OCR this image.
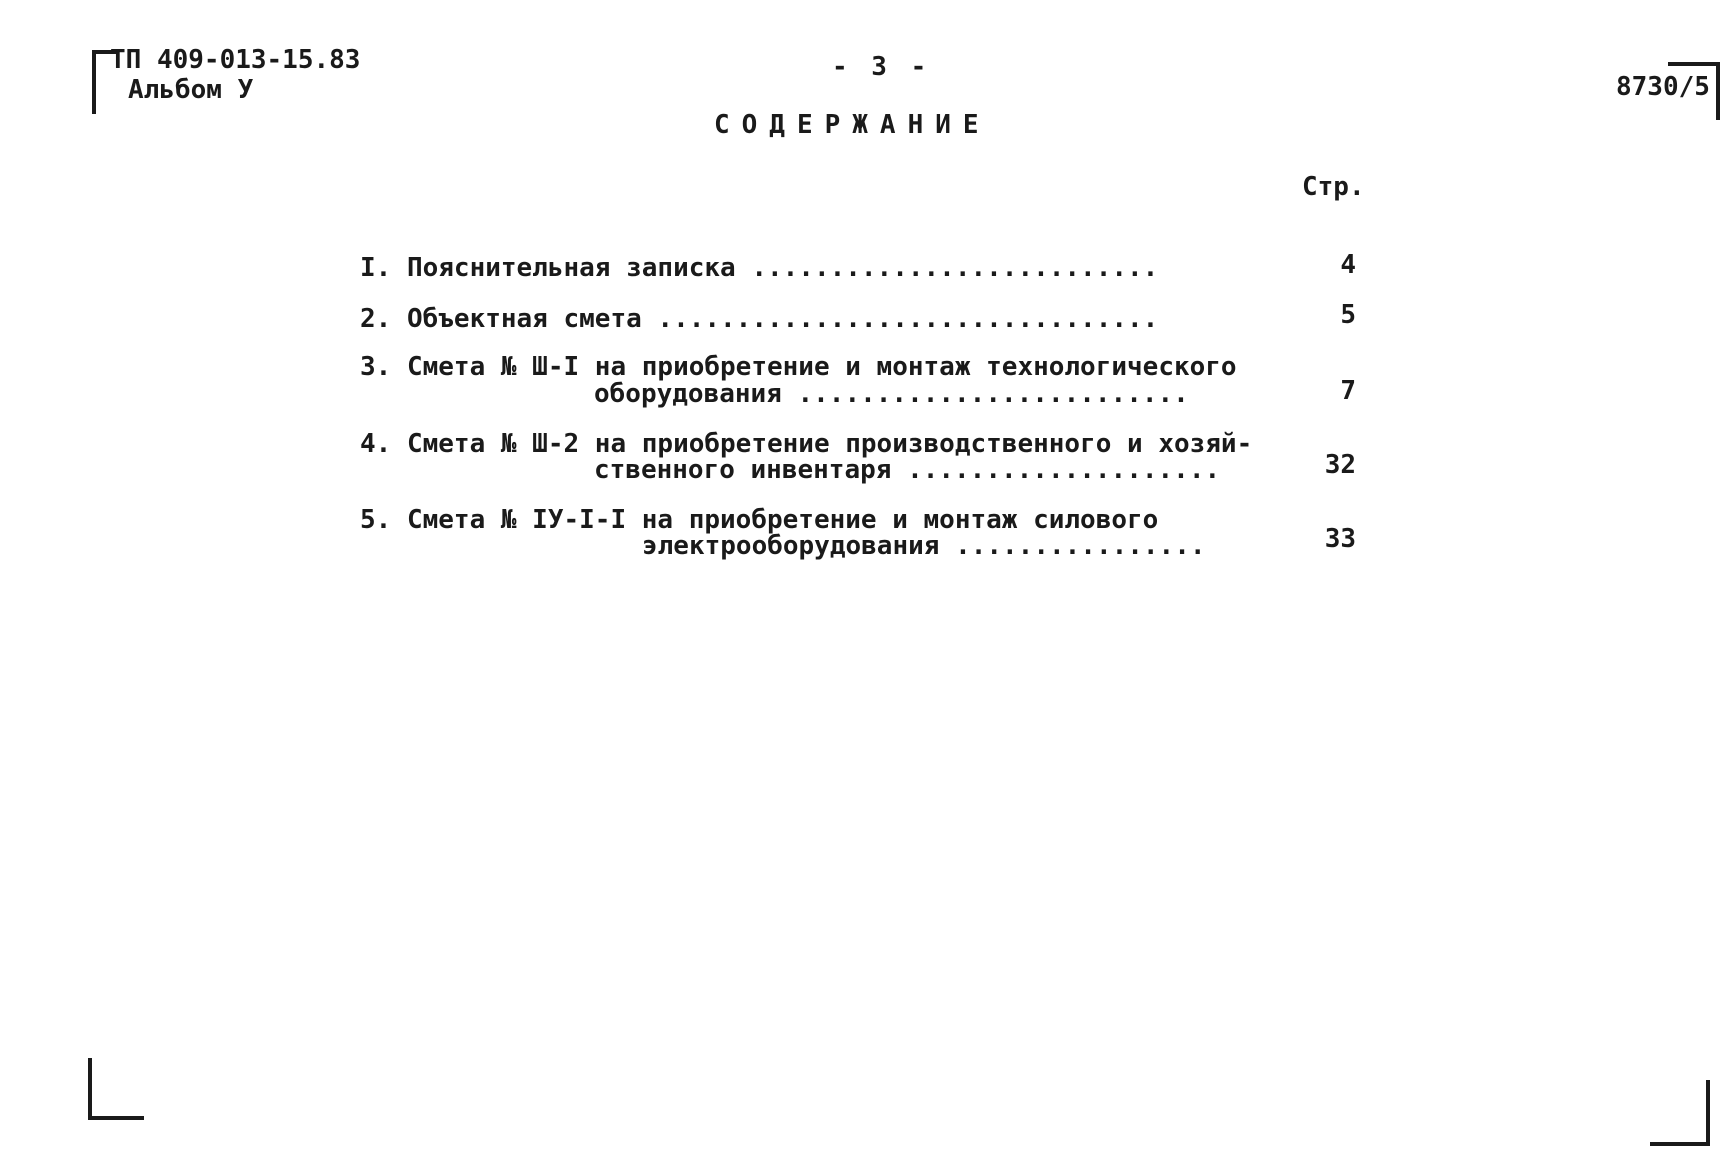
ТП 409-013-15.83
Альбом У
- 3 -
8730/5
СОДЕРЖАНИЕ
Стр.
I. Пояснительная записка ..........................	4
2. Объектная смета ................................	5
3. Смета № Ш-I на приобретение и монтаж технологического
оборудования .........................	7
4. Смета № Ш-2 на приобретение производственного и хозяй-
ственного инвентаря ....................	32
5. Смета № IУ-I-I на приобретение и монтаж силового
электрооборудования ................	33
